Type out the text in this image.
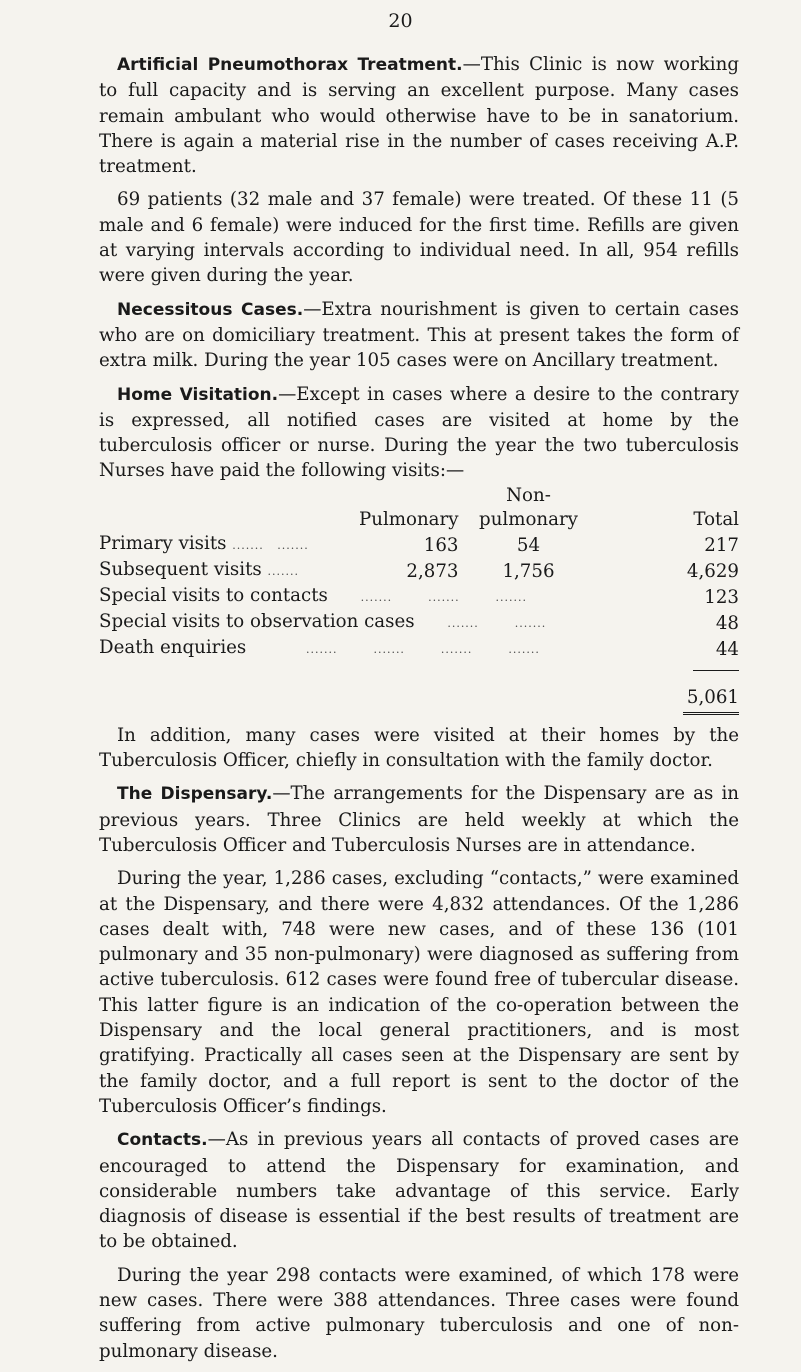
20

Artificial Pneumothorax Treatment.—This Clinic is now working to full capacity and is serving an excellent purpose. Many cases remain ambulant who would otherwise have to be in sanatorium. There is again a material rise in the number of cases receiving A.P. treatment.

69 patients (32 male and 37 female) were treated. Of these 11 (5 male and 6 female) were induced for the first time. Refills are given at varying intervals according to individual need. In all, 954 refills were given during the year.

Necessitous Cases.—Extra nourishment is given to certain cases who are on domiciliary treatment. This at present takes the form of extra milk. During the year 105 cases were on Ancillary treatment.

Home Visitation.—Except in cases where a desire to the contrary is expressed, all notified cases are visited at home by the tuberculosis officer or nurse. During the year the two tuberculosis Nurses have paid the following visits:—

		Non-	
	Pulmonary	pulmonary	Total
Primary visits .......   .......	163	54	217
Subsequent visits .......	2,873	1,756	4,629
Special visits to contacts       .......        .......        .......			123
Special visits to observation cases       .......        .......			48
Death enquiries             .......        .......        .......        .......			44

			5,061

In addition, many cases were visited at their homes by the Tuberculosis Officer, chiefly in consultation with the family doctor.

The Dispensary.—The arrangements for the Dispensary are as in previous years. Three Clinics are held weekly at which the Tuberculosis Officer and Tuberculosis Nurses are in attendance.

During the year, 1,286 cases, excluding “contacts,” were examined at the Dispensary, and there were 4,832 attendances. Of the 1,286 cases dealt with, 748 were new cases, and of these 136 (101 pulmonary and 35 non-pulmonary) were diagnosed as suffering from active tuberculosis. 612 cases were found free of tubercular disease. This latter figure is an indication of the co-operation between the Dispensary and the local general practitioners, and is most gratifying. Practically all cases seen at the Dispensary are sent by the family doctor, and a full report is sent to the doctor of the Tuberculosis Officer’s findings.

Contacts.—As in previous years all contacts of proved cases are encouraged to attend the Dispensary for examination, and considerable numbers take advantage of this service. Early diagnosis of disease is essential if the best results of treatment are to be obtained.

During the year 298 contacts were examined, of which 178 were new cases. There were 388 attendances. Three cases were found suffering from active pulmonary tuberculosis and one of non-pulmonary disease.
